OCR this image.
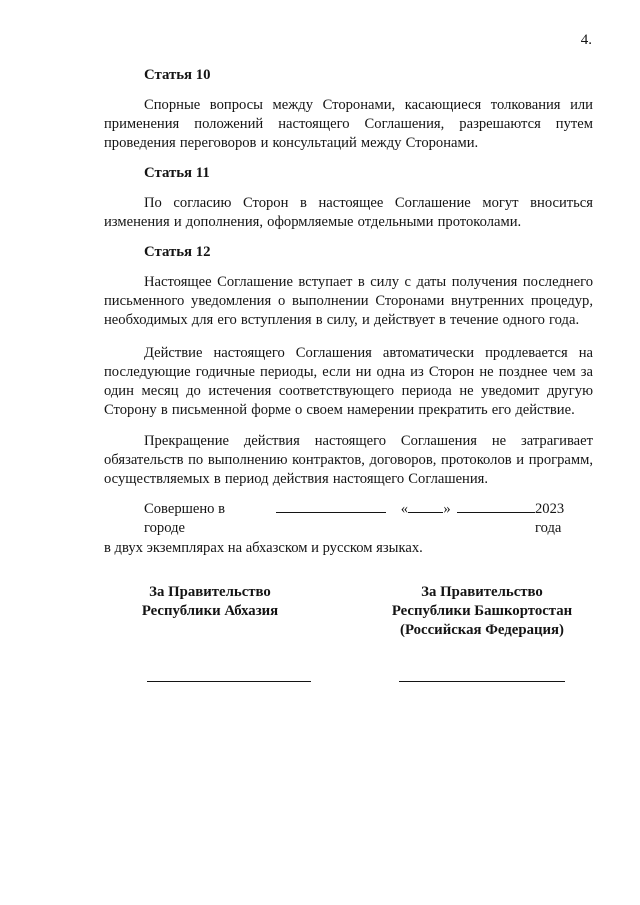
4.
Статья 10
Спорные вопросы между Сторонами, касающиеся толкования или применения положений настоящего Соглашения, разрешаются путем проведения переговоров и консультаций между Сторонами.
Статья 11
По согласию Сторон в настоящее Соглашение могут вноситься изменения и дополнения, оформляемые отдельными протоколами.
Статья 12
Настоящее Соглашение вступает в силу с даты получения последнего письменного уведомления о выполнении Сторонами внутренних процедур, необходимых для его вступления в силу, и действует в течение одного года.
Действие настоящего Соглашения автоматически продлевается на последующие годичные периоды, если ни одна из Сторон не позднее чем за один месяц до истечения соответствующего периода не уведомит другую Сторону в письменной форме о своем намерении прекратить его действие.
Прекращение действия настоящего Соглашения не затрагивает обязательств по выполнению контрактов, договоров, протоколов и программ, осуществляемых в период действия настоящего Соглашения.
Совершено в городе
« »	2023 года
в двух экземплярах на абхазском и русском языках.
За Правительство
Республики Абхазия
За Правительство
Республики Башкортостан
(Российская Федерация)
